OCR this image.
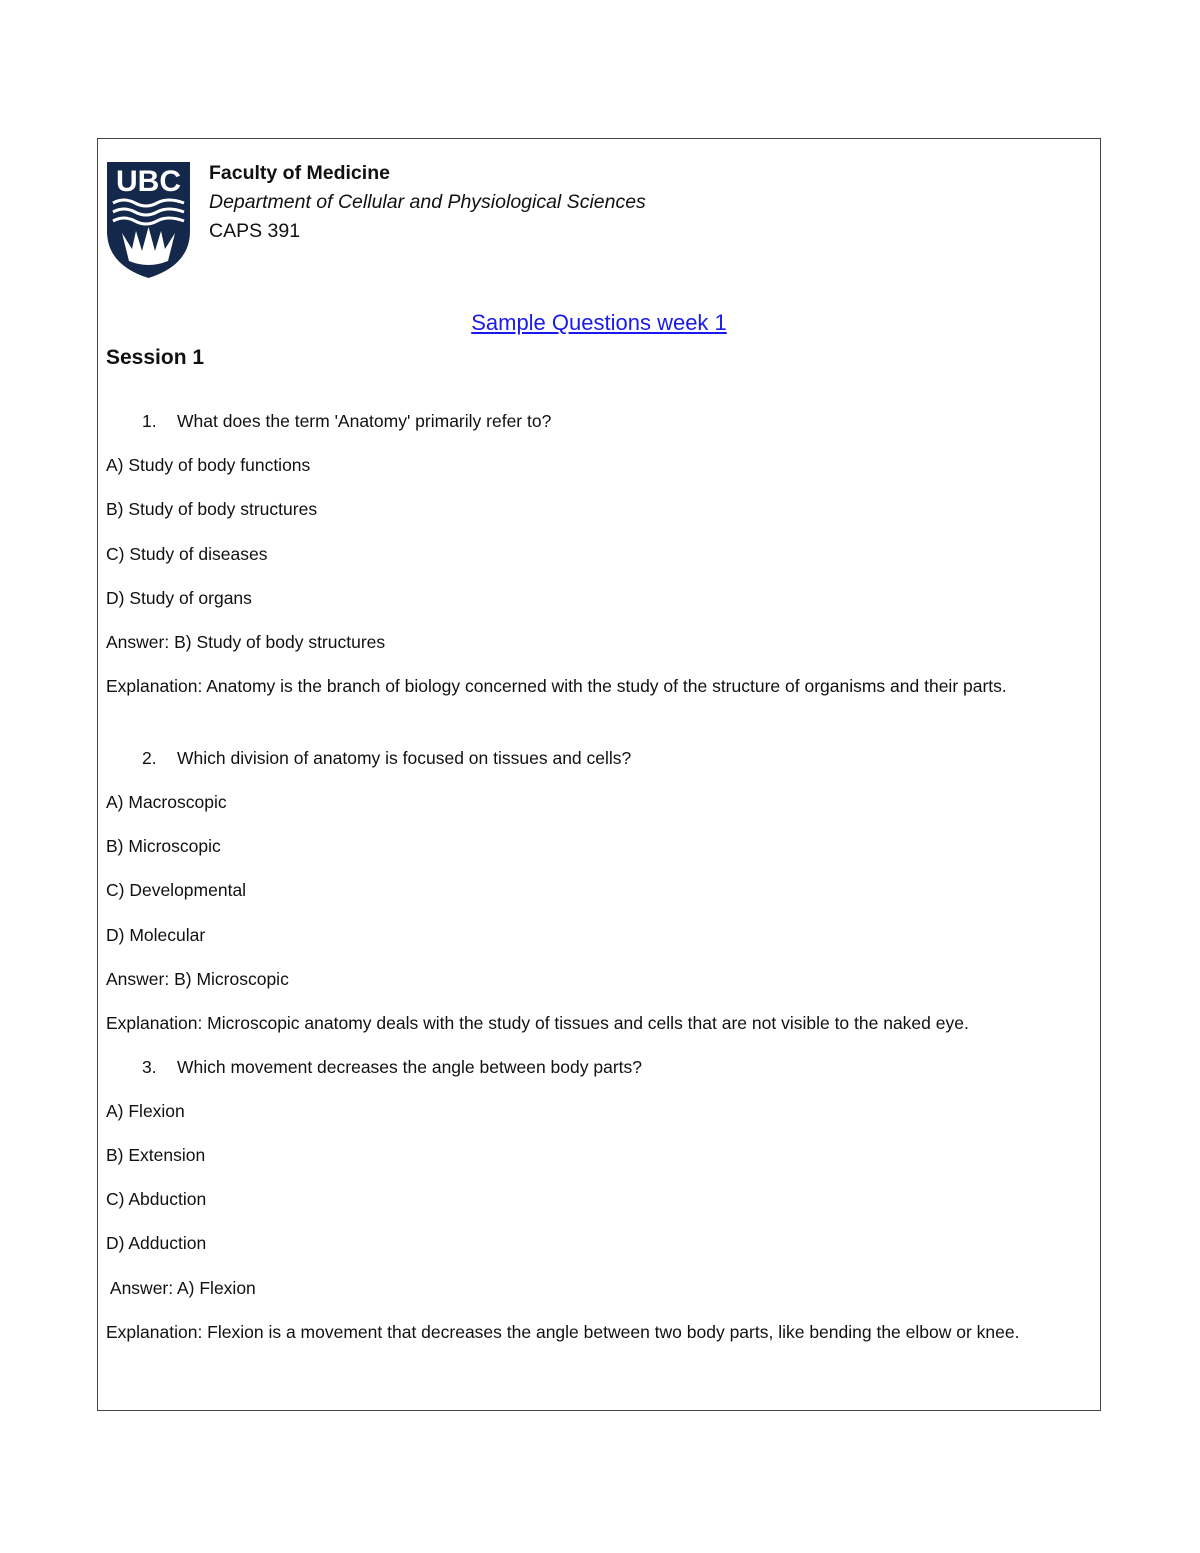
UBC Faculty of Medicine
Department of Cellular and Physiological Sciences
CAPS 391
Sample Questions week 1
Session 1
1.	What does the term 'Anatomy' primarily refer to?
A) Study of body functions
B) Study of body structures
C) Study of diseases
D) Study of organs
Answer: B) Study of body structures
Explanation: Anatomy is the branch of biology concerned with the study of the structure of organisms and their parts.
2.	Which division of anatomy is focused on tissues and cells?
A) Macroscopic
B) Microscopic
C) Developmental
D) Molecular
Answer: B) Microscopic
Explanation: Microscopic anatomy deals with the study of tissues and cells that are not visible to the naked eye.
3.	Which movement decreases the angle between body parts?
A) Flexion
B) Extension
C) Abduction
D) Adduction
Answer: A) Flexion
Explanation: Flexion is a movement that decreases the angle between two body parts, like bending the elbow or knee.
